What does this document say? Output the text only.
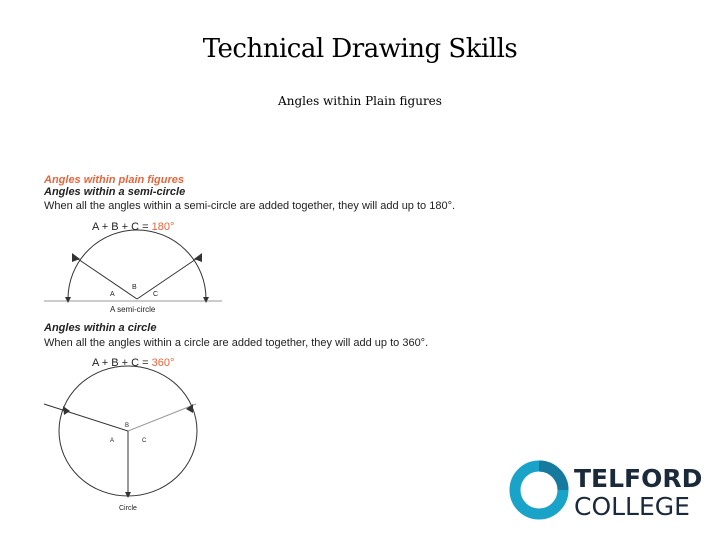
Technical Drawing Skills
Angles within Plain figures
Angles within plain figures
Angles within a semi-circle
When all the angles within a semi-circle are added together, they will add up to 180°.
A + B + C = 180°
A
B
C
A semi-circle
Angles within a circle
When all the angles within a circle are added together, they will add up to 360°.
A + B + C = 360°
B
A	C
Circle
TELFORD
COLLEGE
